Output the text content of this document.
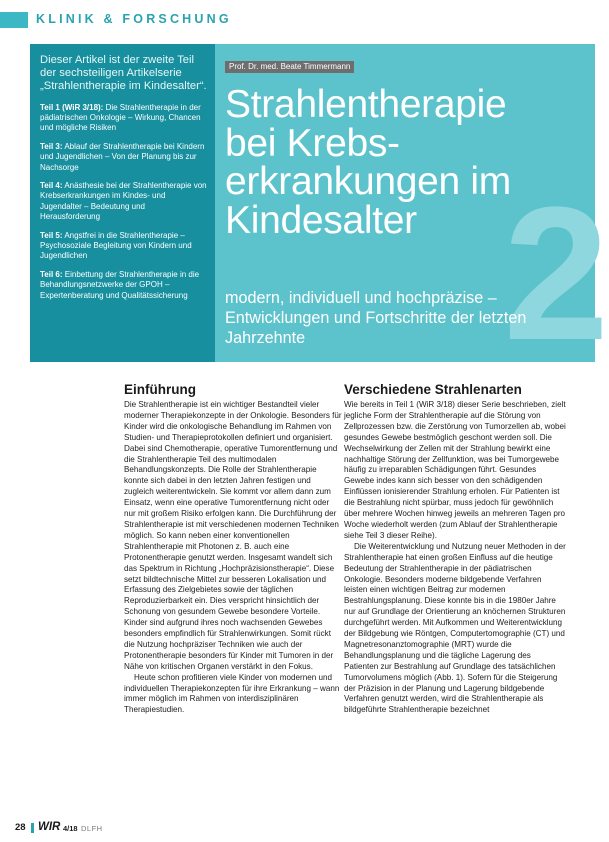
KLINIK & FORSCHUNG
Dieser Artikel ist der zweite Teil der sechsteiligen Artikelserie „Strahlentherapie im Kindesalter“.
Teil 1 (WiR 3/18): Die Strahlentherapie in der pädiatrischen Onkologie – Wirkung, Chancen und mögliche Risiken
Teil 3: Ablauf der Strahlentherapie bei Kindern und Jugendlichen – Von der Planung bis zur Nachsorge
Teil 4: Anästhesie bei der Strahlentherapie von Krebserkrankungen im Kindes- und Jugendalter – Bedeutung und Herausforderung
Teil 5: Angstfrei in die Strahlentherapie – Psychosoziale Begleitung von Kindern und Jugendlichen
Teil 6: Einbettung der Strahlentherapie in die Behandlungsnetzwerke der GPOH – Expertenberatung und Qualitätssicherung 2
Prof. Dr. med. Beate Timmermann
Strahlentherapie bei Krebs-erkrankungen im Kindesalter
modern, individuell und hochpräzise – Entwicklungen und Fortschritte der letzten Jahrzehnte
Einführung

Die Strahlentherapie ist ein wichtiger Bestandteil vieler moderner Therapiekonzepte in der Onkologie. Besonders für Kinder wird die onkologische Behandlung im Rahmen von Studien- und Therapieprotokollen definiert und organisiert. Dabei sind Chemotherapie, operative Tumorentfernung und die Strahlentherapie Teil des multimodalen Behandlungskonzepts. Die Rolle der Strahlentherapie konnte sich dabei in den letzten Jahren festigen und zugleich weiterentwickeln. Sie kommt vor allem dann zum Einsatz, wenn eine operative Tumorentfernung nicht oder nur mit großem Risiko erfolgen kann. Die Durchführung der Strahlentherapie ist mit verschiedenen modernen Techniken möglich. So kann neben einer konventionellen Strahlentherapie mit Photonen z. B. auch eine Protonentherapie genutzt werden. Insgesamt wandelt sich das Spektrum in Richtung „Hochpräzisionstherapie“. Diese setzt bildtechnische Mittel zur besseren Lokalisation und Erfassung des Zielgebietes sowie der täglichen Reproduzierbarkeit ein. Dies verspricht hinsichtlich der Schonung von gesundem Gewebe besondere Vorteile. Kinder sind aufgrund ihres noch wachsenden Gewebes besonders empfindlich für Strahlenwirkungen. Somit rückt die Nutzung hochpräziser Techniken wie auch der Protonentherapie besonders für Kinder mit Tumoren in der Nähe von kritischen Organen verstärkt in den Fokus.

Heute schon profitieren viele Kinder von modernen und individuellen Therapiekonzepten für ihre Erkrankung – wann immer möglich im Rahmen von interdisziplinären Therapiestudien.

Verschiedene Strahlenarten

Wie bereits in Teil 1 (WiR 3/18) dieser Serie beschrieben, zielt jegliche Form der Strahlentherapie auf die Störung von Zellprozessen bzw. die Zerstörung von Tumorzellen ab, wobei gesundes Gewebe bestmöglich geschont werden soll. Die Wechselwirkung der Zellen mit der Strahlung bewirkt eine nachhaltige Störung der Zellfunktion, was bei Tumorgewebe häufig zu irreparablen Schädigungen führt. Gesundes Gewebe indes kann sich besser von den schädigenden Einflüssen ionisierender Strahlung erholen. Für Patienten ist die Bestrahlung nicht spürbar, muss jedoch für gewöhnlich über mehrere Wochen hinweg jeweils an mehreren Tagen pro Woche wiederholt werden (zum Ablauf der Strahlentherapie siehe Teil 3 dieser Reihe).

Die Weiterentwicklung und Nutzung neuer Methoden in der Strahlentherapie hat einen großen Einfluss auf die heutige Bedeutung der Strahlentherapie in der pädiatrischen Onkologie. Besonders moderne bildgebende Verfahren leisten einen wichtigen Beitrag zur modernen Bestrahlungsplanung. Diese konnte bis in die 1980er Jahre nur auf Grundlage der Orientierung an knöchernen Strukturen durchgeführt werden. Mit Aufkommen und Weiterentwicklung der Bildgebung wie Röntgen, Computertomographie (CT) und Magnetresonanztomographie (MRT) wurde die Behandlungsplanung und die tägliche Lagerung des Patienten zur Bestrahlung auf Grundlage des tatsächlichen Tumorvolumens möglich (Abb. 1). Sofern für die Steigerung der Präzision in der Planung und Lagerung bildgebende Verfahren genutzt werden, wird die Strahlentherapie als bildgeführte Strahlentherapie bezeichnet

28 WIR 4/18 DLFH
